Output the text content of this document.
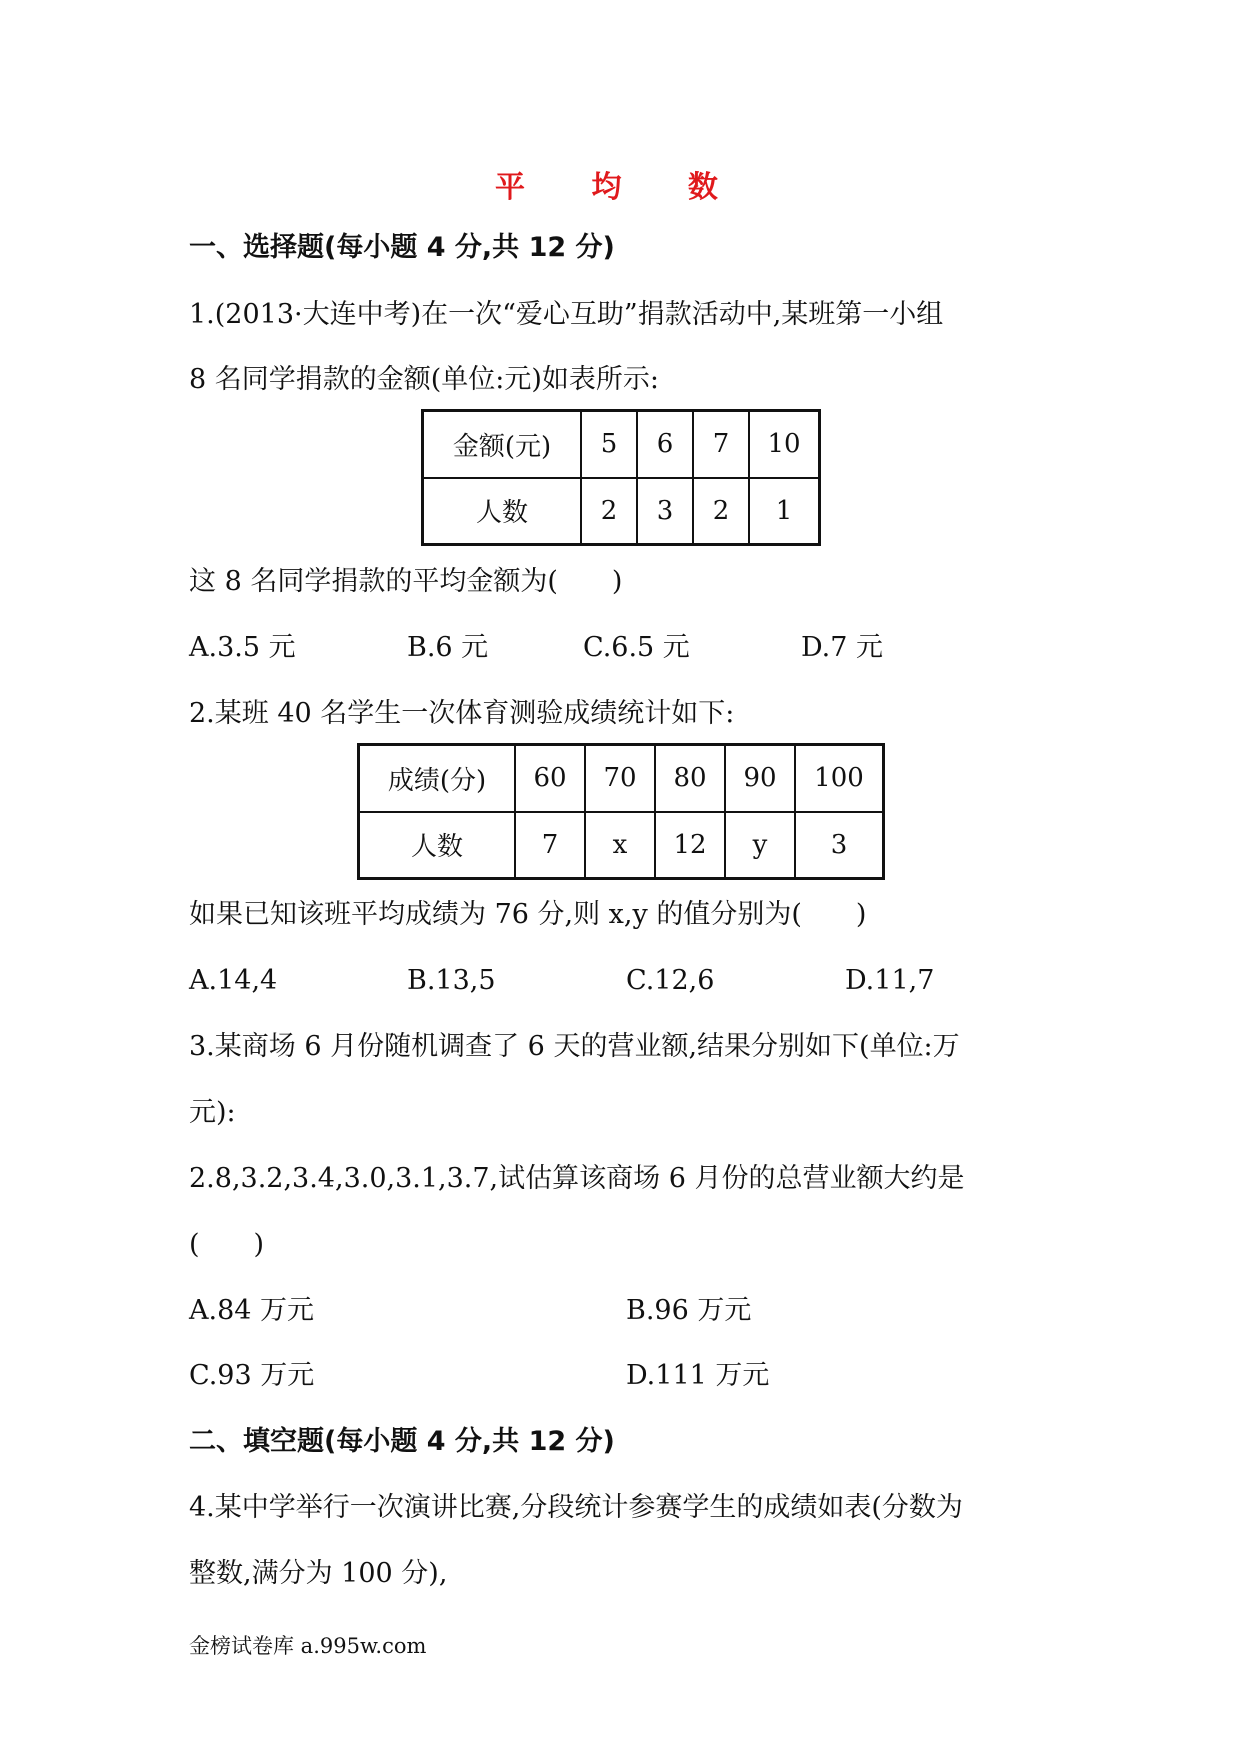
平 均 数
一、选择题(每小题 4 分,共 12 分)
1.(2013·大连中考)在一次“爱心互助”捐款活动中,某班第一小组
8 名同学捐款的金额(单位:元)如表所示:
金额(元)	5	6	7	10
人数	2	3	2	1
这 8 名同学捐款的平均金额为(　　)
A.3.5 元	B.6 元	C.6.5 元	D.7 元
2.某班 40 名学生一次体育测验成绩统计如下:
成绩(分)	60	70	80	90	100
人数	7	x	12	y	3
如果已知该班平均成绩为 76 分,则 x,y 的值分别为(　　)
A.14,4	B.13,5	C.12,6	D.11,7
3.某商场 6 月份随机调查了 6 天的营业额,结果分别如下(单位:万
元):
2.8,3.2,3.4,3.0,3.1,3.7,试估算该商场 6 月份的总营业额大约是
(　　)
A.84 万元	B.96 万元
C.93 万元	D.111 万元
二、填空题(每小题 4 分,共 12 分)
4.某中学举行一次演讲比赛,分段统计参赛学生的成绩如表(分数为
整数,满分为 100 分),
金榜试卷库 a.995w.com
